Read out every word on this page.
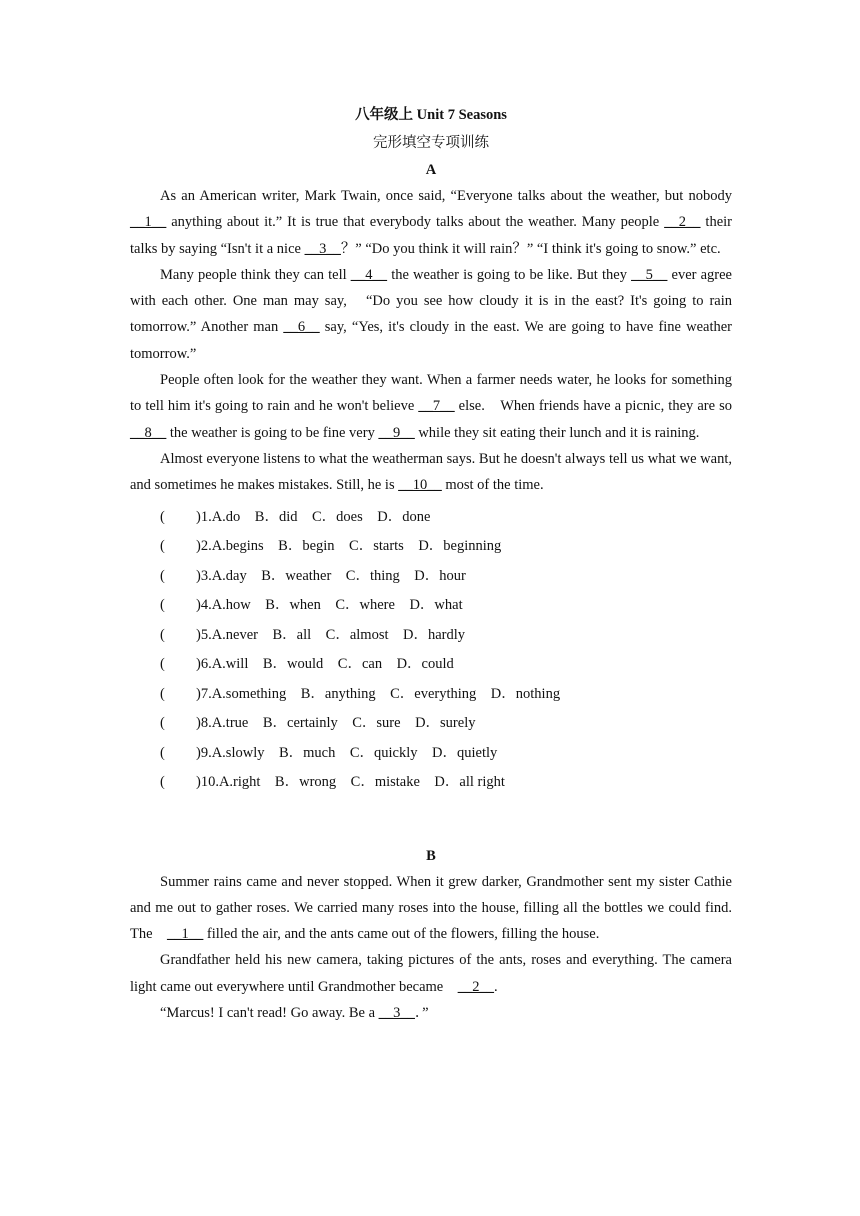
八年级上 Unit 7 Seasons
完形填空专项训练
A

As an American writer, Mark Twain, once said, “Everyone talks about the weather, but nobody __1__ anything about it.” It is true that everybody talks about the weather. Many people __2__ their talks by saying “Isn't it a nice __3__？” “Do you think it will rain？” “I think it's going to snow.” etc.

Many people think they can tell __4__ the weather is going to be like. But they __5__ ever agree with each other. One man may say,　“Do you see how cloudy it is in the east? It's going to rain tomorrow.” Another man __6__ say, “Yes, it's cloudy in the east. We are going to have fine weather tomorrow.”

People often look for the weather they want. When a farmer needs water, he looks for something to tell him it's going to rain and he won't believe __7__ else.　When friends have a picnic, they are so __8__ the weather is going to be fine very __9__ while they sit eating their lunch and it is raining.

Almost everyone listens to what the weatherman says. But he doesn't always tell us what we want, and sometimes he makes mistakes. Still, he is __10__ most of the time.

( )1.A.do　B．did　C．does　D．done
( )2.A.begins　B．begin　C．starts　D．beginning
( )3.A.day　B．weather　C．thing　D．hour
( )4.A.how　B．when　C．where　D．what
( )5.A.never　B．all　C．almost　D．hardly
( )6.A.will　B．would　C．can　D．could
( )7.A.something　B．anything　C．everything　D．nothing
( )8.A.true　B．certainly　C．sure　D．surely
( )9.A.slowly　B．much　C．quickly　D．quietly
( )10.A.right　B．wrong　C．mistake　D．all right
B

Summer rains came and never stopped. When it grew darker, Grandmother sent my sister Cathie and me out to gather roses. We carried many roses into the house, filling all the bottles we could find. The　__1__ filled the air, and the ants came out of the flowers, filling the house.

Grandfather held his new camera, taking pictures of the ants, roses and everything. The camera light came out everywhere until Grandmother became　__2__.

“Marcus! I can't read! Go away. Be a __3__．”
